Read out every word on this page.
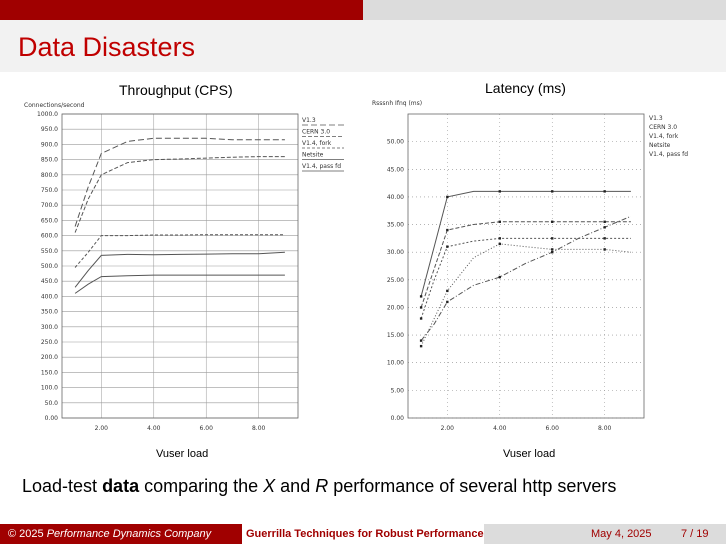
Data Disasters
Throughput (CPS)
Connections/second
0.00
50.0
100.0
150.0
200.0
250.0
300.0
350.0
400.0
450.0
500.0
550.0
600.0
650.0
700.0
750.0
800.0
850.0
900.0
950.0
1000.0
2.00	4.00	6.00	8.00
V1.3
CERN 3.0
V1.4, fork
Netsite
V1.4, pass fd
Vuser load
Latency (ms)
Rsssnh Ifnq (ms)
0.00
5.00
10.00
15.00
20.00
25.00
30.00
35.00
40.00
45.00
50.00
2.00	4.00	6.00	8.00
V1.3
CERN 3.0
V1.4, fork
Netsite
V1.4, pass fd
Vuser load
Load-test data comparing the X and R performance of several http servers
© 2025 Performance Dynamics Company	Guerrilla Techniques for Robust Performance	May 4, 2025	7 / 19
